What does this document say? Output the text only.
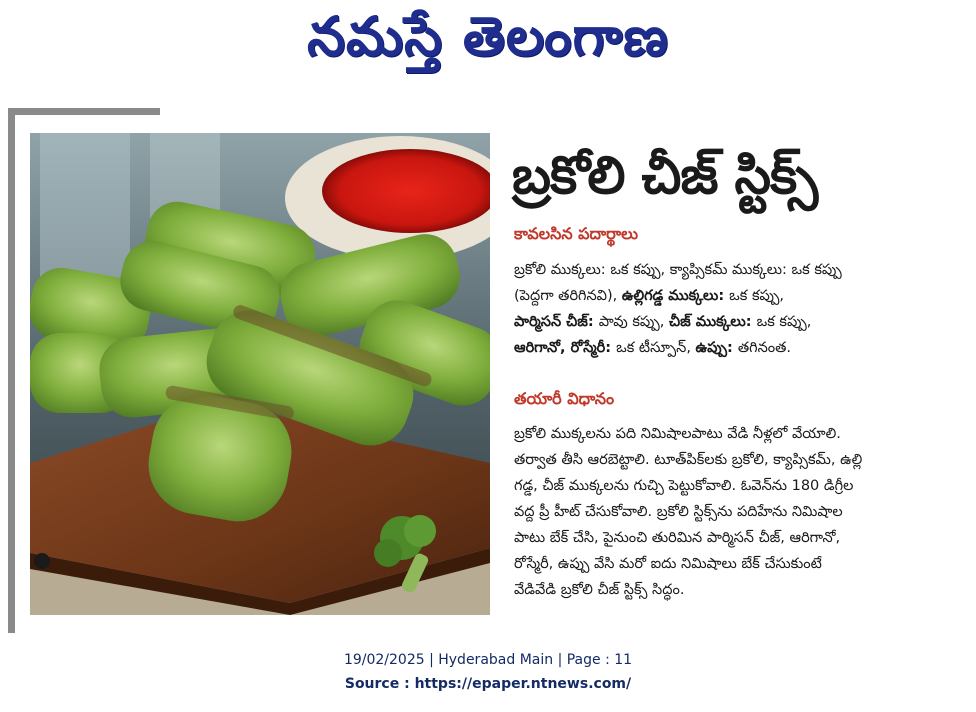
నమస్తే తెలంగాణ
బ్రకోలి చీజ్ స్టిక్స్
కావలసిన పదార్థాలు

బ్రకోలి ముక్కలు: ఒక కప్పు, క్యాప్సికమ్ ముక్కలు: ఒక కప్పు

(పెద్దగా తరిగినవి), ఉల్లిగడ్డ ముక్కలు: ఒక కప్పు,

పార్మిసన్ చీజ్: పావు కప్పు, చీజ్ ముక్కలు: ఒక కప్పు,

ఆరిగానో, రోస్మేరీ: ఒక టీస్పూన్, ఉప్పు: తగినంత.

తయారీ విధానం

బ్రకోలి ముక్కలను పది నిమిషాలపాటు వేడి నీళ్లలో వేయాలి.

తర్వాత తీసి ఆరబెట్టాలి. టూత్‌పిక్‌లకు బ్రకోలి, క్యాప్సికమ్, ఉల్లి

గడ్డ, చీజ్ ముక్కలను గుచ్చి పెట్టుకోవాలి. ఓవెన్‌ను 180 డిగ్రీల

వద్ద ప్రీ హీట్ చేసుకోవాలి. బ్రకోలి స్టిక్స్‌ను పదిహేను నిమిషాల

పాటు బేక్ చేసి, పైనుంచి తురిమిన పార్మిసన్ చీజ్, ఆరిగానో,

రోస్మేరీ, ఉప్పు వేసి మరో ఐదు నిమిషాలు బేక్ చేసుకుంటే

వేడివేడి బ్రకోలి చీజ్ స్టిక్స్ సిద్ధం.

19/02/2025 | Hyderabad Main | Page : 11
Source : https://epaper.ntnews.com/
